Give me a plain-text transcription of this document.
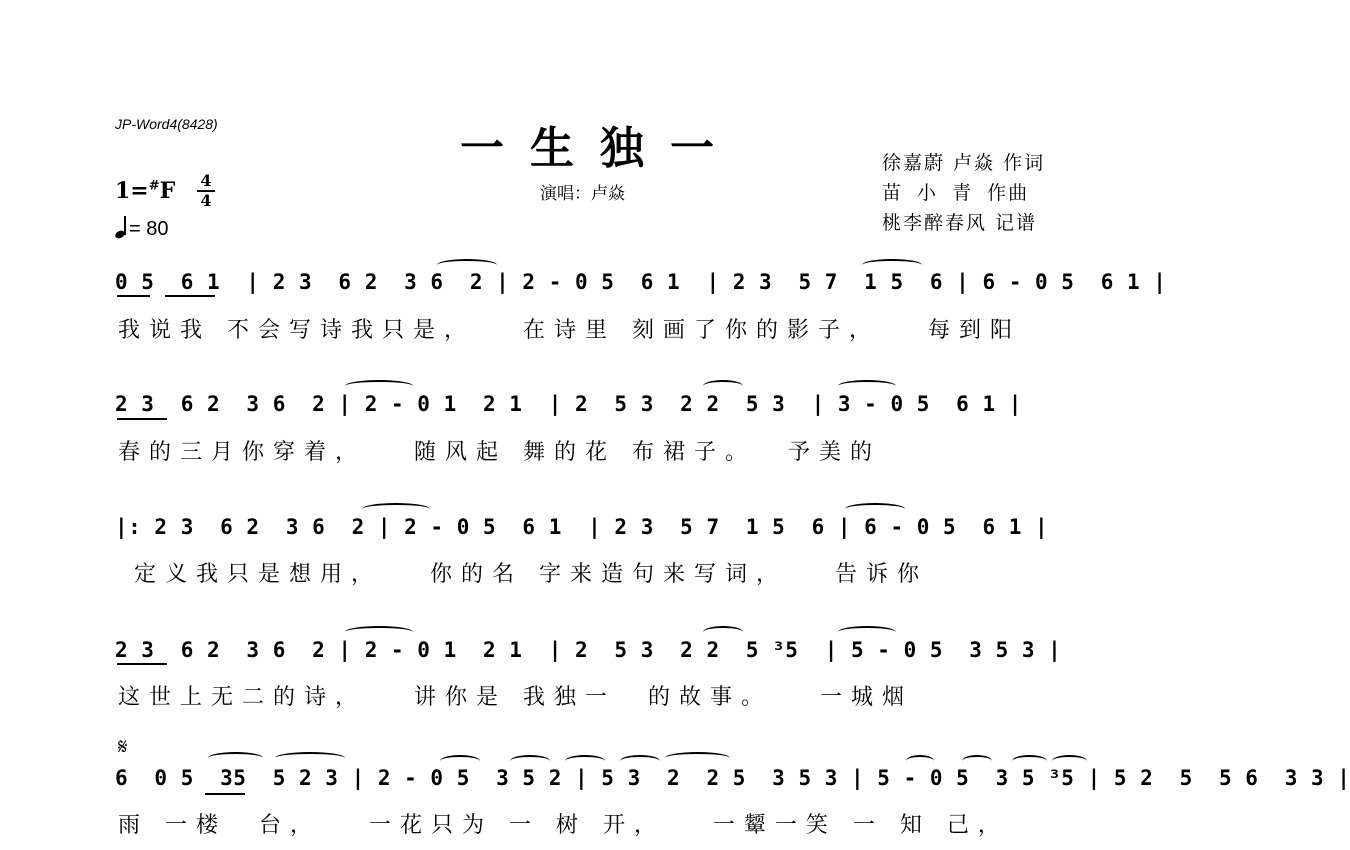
JP-Word4(8428)	一生独一
演唱：卢焱
徐嘉蔚 卢焱 作词
苗 小 青 作曲
桃李醉春风 记谱
1=#F 4
4
= 80
0 5  6 1  | 2 3  6 2  3 6  2 | 2 - 0 5  6 1  | 2 3  5 7  1 5  6 | 6 - 0 5  6 1 |
我说我 不会写诗我只是，   在诗里 刻画了你的影子，   每到阳
2 3  6 2  3 6  2 | 2 - 0 1  2 1  | 2  5 3  2 2  5 3  | 3 - 0 5  6 1 |
春的三月你穿着，   随风起 舞的花 布裙子。  予美的
|: 2 3  6 2  3 6  2 | 2 - 0 5  6 1  | 2 3  5 7  1 5  6 | 6 - 0 5  6 1 |
定义我只是想用，   你的名 字来造句来写词，   告诉你
2 3  6 2  3 6  2 | 2 - 0 1  2 1  | 2  5 3  2 2  5 ³5  | 5 - 0 5  3 5 3 |
这世上无二的诗，   讲你是 我独一  的故事。   一城烟
𝄋
6  0 5  35  5 2 3 | 2 - 0 5  3 5 2 | 5 3  2  2 5  3 5 3 | 5 - 0 5  3 5 ³5 | 5 2  5  5 6  3 3 |
雨 一楼  台，   一花只为 一 树 开，   一颦一笑 一 知 己，
